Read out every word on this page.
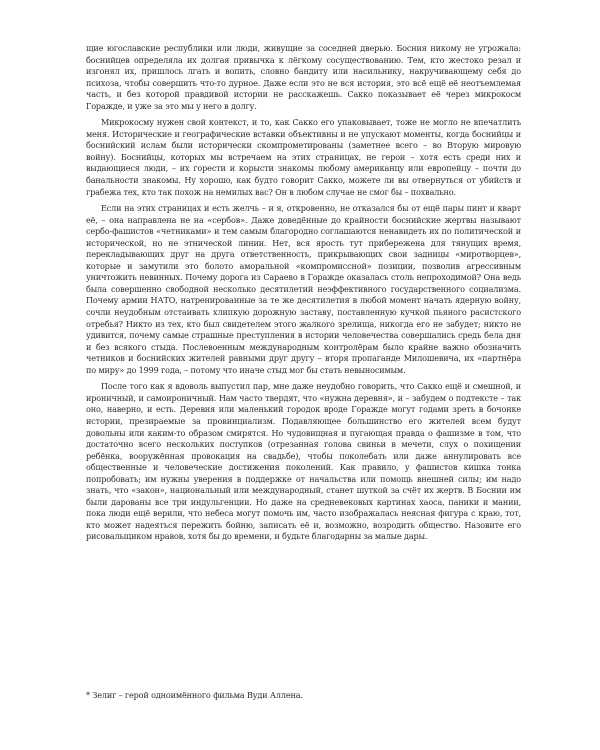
щие югославские республики или люди, живущие за соседней дверью. Босния никому не угрожала: боснийцев определяла их долгая привычка к лёгкому сосуществованию. Тем, кто жестоко резал и изгонял их, пришлось лгать и вопить, словно бандиту или насильнику, накручивающему себя до психоза, чтобы совершить что-то дурное. Даже если это не вся история, это всё ещё её неотъемлемая часть, и без которой правдивой истории не расскажешь. Сакко показывает её через микрокосм Горажде, и уже за это мы у него в долгу.

Микрокосму нужен свой контекст, и то, как Сакко его упаковывает, тоже не могло не впечатлить меня. Исторические и географические вставки объективны и не упускают моменты, когда боснийцы и боснийский ислам были исторически скомпрометированы (заметнее всего – во Вторую мировую войну). Боснийцы, которых мы встречаем на этих страницах, не герои – хотя есть среди них и выдающиеся люди, – их горести и корысти знакомы любому американцу или европейцу – почти до банальности знакомы. Ну хорошо, как будто говорит Сакко, можете ли вы отвернуться от убийств и грабежа тех, кто так похож на немилых вас? Он в любом случае не смог бы – похвально.

Если на этих страницах и есть желчь – и я, откровенно, не отказался бы от ещё пары пинт и кварт её, – она направлена не на «сербов». Даже доведённые до крайности боснийские жертвы называют сербо-фашистов «четниками» и тем самым благородно соглашаются ненавидеть их по политической и исторической, но не этнической линии. Нет, вся ярость тут прибережена для тянущих время, перекладывающих друг на друга ответственность, прикрывающих свои задницы «миротворцев», которые и замутили это болото аморальной «компромиссной» позиции, позволив агрессивным уничтожить невинных. Почему дорога из Сараево в Горажде оказалась столь непроходимой? Она ведь была совершенно свободной несколько десятилетий неэффективного государственного социализма. Почему армии НАТО, натренированные за те же десятилетия в любой момент начать ядерную войну, сочли неудобным отстаивать хлипкую дорожную заставу, поставленную кучкой пьяного расистского отребья? Никто из тех, кто был свидетелем этого жалкого зрелища, никогда его не забудет; никто не удивится, почему самые страшные преступления в истории человечества совершались средь бела дня и без всякого стыда. Послевоенным международным контролёрам было крайне важно обозначить четников и боснийских жителей равными друг другу – вторя пропаганде Милошевича, их «партнёра по миру» до 1999 года, – потому что иначе стыд мог бы стать невыносимым.

После того как я вдоволь выпустил пар, мне даже неудобно говорить, что Сакко ещё и смешной, и ироничный, и самоироничный. Нам часто твердят, что «нужна деревня», и – забудем о подтексте – так оно, наверно, и есть. Деревня или маленький городок вроде Горажде могут годами зреть в бочонке истории, презираемые за провинциализм. Подавляющее большинство его жителей всем будут довольны или каким-то образом смирятся. Но чудовищная и пугающая правда о фашизме в том, что достаточно всего нескольких поступков (отрезанная голова свиньи в мечети, слух о похищении ребёнка, вооружённая провокация на свадьбе), чтобы поколебать или даже аннулировать все общественные и человеческие достижения поколений. Как правило, у фашистов кишка тонка попробовать; им нужны уверения в поддержке от начальства или помощь внешней силы; им надо знать, что «закон», национальный или международный, станет шуткой за счёт их жертв. В Боснии им были дарованы все три индульгенции. Но даже на средневековых картинах хаоса, паники и мании, пока люди ещё верили, что небеса могут помочь им, часто изображалась неясная фигура с краю, тот, кто может надеяться пережить бойню, записать её и, возможно, возродить общество. Назовите его рисовальщиком нравов, хотя бы до времени, и будьте благодарны за малые дары.

* Зелиг – герой одноимённого фильма Вуди Аллена.
